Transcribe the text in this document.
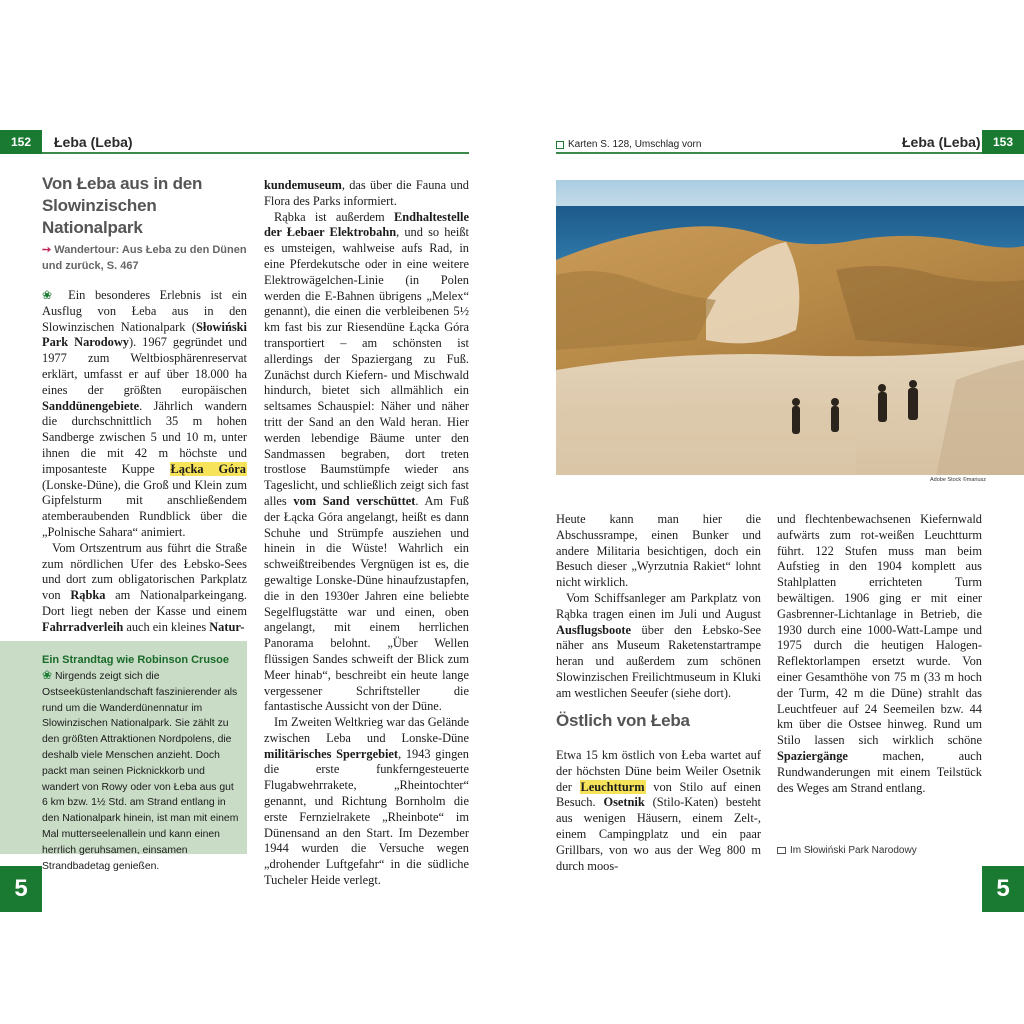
152	Łeba (Leba)
Von Łeba aus in den Slowinzischen Nationalpark
➙ Wandertour: Aus Łeba zu den Dünen und zurück, S. 467

❀ Ein besonderes Erlebnis ist ein Ausflug von Łeba aus in den Slowinzischen Nationalpark (Słowiński Park Narodowy). 1967 gegründet und 1977 zum Weltbiosphärenreservat erklärt, umfasst er auf über 18.000 ha eines der größten europäischen Sanddünengebiete. Jährlich wandern die durchschnittlich 35 m hohen Sandberge zwischen 5 und 10 m, unter ihnen die mit 42 m höchste und imposanteste Kuppe Łącka Góra (Lonske-Düne), die Groß und Klein zum Gipfelsturm mit anschließendem atemberaubenden Rundblick über die „Polnische Sahara“ animiert.

Vom Ortszentrum aus führt die Straße zum nördlichen Ufer des Łebsko-Sees und dort zum obligatorischen Parkplatz von Rąbka am Nationalparkeingang. Dort liegt neben der Kasse und einem Fahrradverleih auch ein kleines Natur-

Ein Strandtag wie Robinson Crusoe
❀ Nirgends zeigt sich die Ostseeküstenlandschaft faszinierender als rund um die Wanderdünennatur im Slowinzischen Nationalpark. Sie zählt zu den größten Attraktionen Nordpolens, die deshalb viele Menschen anzieht. Doch packt man seinen Picknickkorb und wandert von Rowy oder von Łeba aus gut 6 km bzw. 1½ Std. am Strand entlang in den Nationalpark hinein, ist man mit einem Mal mutterseelenallein und kann einen herrlich geruhsamen, einsamen Strandbadetag genießen.

kundemuseum, das über die Fauna und Flora des Parks informiert.

Rąbka ist außerdem Endhaltestelle der Łebaer Elektrobahn, und so heißt es umsteigen, wahlweise aufs Rad, in eine Pferdekutsche oder in eine weitere Elektrowägelchen-Linie (in Polen werden die E-Bahnen übrigens „Melex“ genannt), die einen die verbleibenen 5½ km fast bis zur Riesendüne Łącka Góra transportiert – am schönsten ist allerdings der Spaziergang zu Fuß. Zunächst durch Kiefern- und Mischwald hindurch, bietet sich allmählich ein seltsames Schauspiel: Näher und näher tritt der Sand an den Wald heran. Hier werden lebendige Bäume unter den Sandmassen begraben, dort treten trostlose Baumstümpfe wieder ans Tageslicht, und schließlich zeigt sich fast alles vom Sand verschüttet. Am Fuß der Łącka Góra angelangt, heißt es dann Schuhe und Strümpfe ausziehen und hinein in die Wüste! Wahrlich ein schweißtreibendes Vergnügen ist es, die gewaltige Lonske-Düne hinaufzustapfen, die in den 1930er Jahren eine beliebte Segelflugstätte war und einen, oben angelangt, mit einem herrlichen Panorama belohnt. „Über Wellen flüssigen Sandes schweift der Blick zum Meer hinab“, beschreibt ein heute lange vergessener Schriftsteller die fantastische Aussicht von der Düne.

Im Zweiten Weltkrieg war das Gelände zwischen Leba und Lonske-Düne militärisches Sperrgebiet, 1943 gingen die erste funkferngesteuerte Flugabwehrrakete, „Rheintochter“ genannt, und Richtung Bornholm die erste Fernzielrakete „Rheinbote“ im Dünensand an den Start. Im Dezember 1944 wurden die Versuche wegen „drohender Luftgefahr“ in die südliche Tucheler Heide verlegt.

5
Karten S. 128, Umschlag vorn	Łeba (Leba)	153
Adobe Stock ©mariusz

Heute kann man hier die Abschussrampe, einen Bunker und andere Militaria besichtigen, doch ein Besuch dieser „Wyrzutnia Rakiet“ lohnt nicht wirklich.

Vom Schiffsanleger am Parkplatz von Rąbka tragen einen im Juli und August Ausflugsboote über den Łebsko-See näher ans Museum Raketenstartrampe heran und außerdem zum schönen Slowinzischen Freilichtmuseum in Kluki am westlichen Seeufer (siehe dort).

Östlich von Łeba

Etwa 15 km östlich von Łeba wartet auf der höchsten Düne beim Weiler Osetnik der Leuchtturm von Stilo auf einen Besuch. Osetnik (Stilo-Katen) besteht aus wenigen Häusern, einem Zelt-, einem Campingplatz und ein paar Grillbars, von wo aus der Weg 800 m durch moos-

und flechtenbewachsenen Kiefernwald aufwärts zum rot-weißen Leuchtturm führt. 122 Stufen muss man beim Aufstieg in den 1904 komplett aus Stahlplatten errichteten Turm bewältigen. 1906 ging er mit einer Gasbrenner-Lichtanlage in Betrieb, die 1930 durch eine 1000-Watt-Lampe und 1975 durch die heutigen Halogen-Reflektorlampen ersetzt wurde. Von einer Gesamthöhe von 75 m (33 m hoch der Turm, 42 m die Düne) strahlt das Leuchtfeuer auf 24 Seemeilen bzw. 44 km über die Ostsee hinweg. Rund um Stilo lassen sich wirklich schöne Spaziergänge machen, auch Rundwanderungen mit einem Teilstück des Weges am Strand entlang.

Im Słowiński Park Narodowy
5
